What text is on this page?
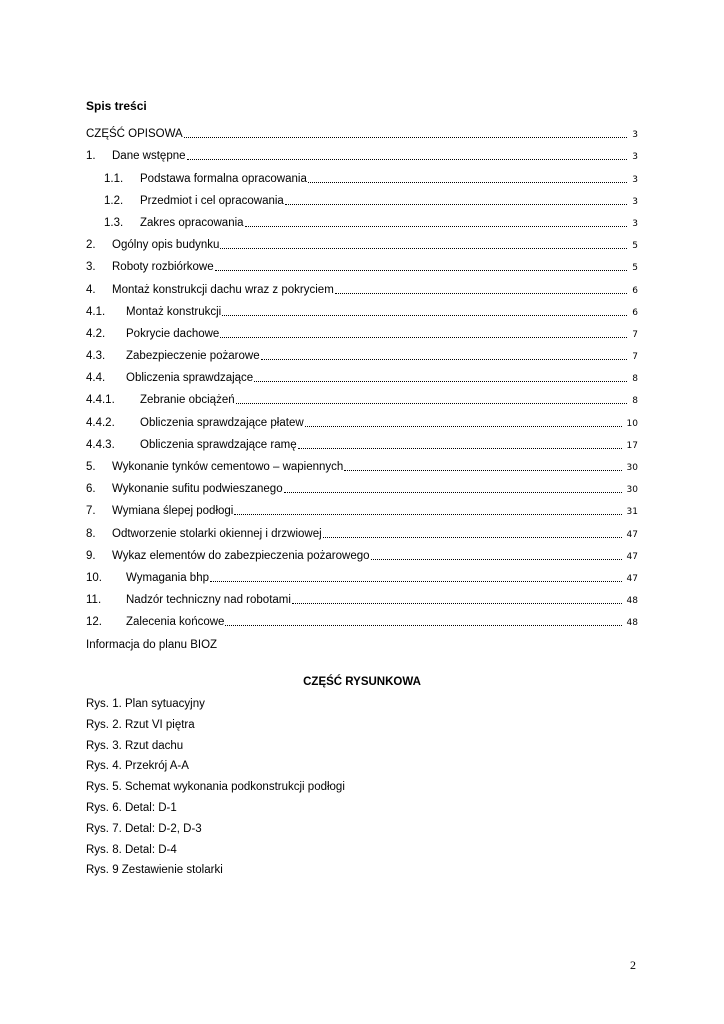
Spis treści
CZĘŚĆ OPISOWA	3
1.	Dane wstępne	3
1.1.	Podstawa formalna opracowania	3
1.2.	Przedmiot i cel opracowania	3
1.3.	Zakres opracowania	3
2.	Ogólny opis budynku	5
3.	Roboty rozbiórkowe	5
4.	Montaż konstrukcji dachu wraz z pokryciem	6
4.1.	Montaż konstrukcji	6
4.2.	Pokrycie dachowe	7
4.3.	Zabezpieczenie pożarowe	7
4.4.	Obliczenia sprawdzające	8
4.4.1.	Zebranie obciążeń	8
4.4.2.	Obliczenia sprawdzające płatew	10
4.4.3.	Obliczenia sprawdzające ramę	17
5.	Wykonanie tynków cementowo – wapiennych	30
6.	Wykonanie sufitu podwieszanego	30
7.	Wymiana ślepej podłogi	31
8.	Odtworzenie stolarki okiennej i drzwiowej	47
9.	Wykaz elementów do zabezpieczenia pożarowego	47
10.	Wymagania bhp	47
11.	Nadzór techniczny nad robotami	48
12.	Zalecenia końcowe	48
Informacja do planu BIOZ
CZĘŚĆ RYSUNKOWA
Rys. 1. Plan sytuacyjny
Rys. 2. Rzut VI piętra
Rys. 3. Rzut dachu
Rys. 4. Przekrój A-A
Rys. 5. Schemat wykonania podkonstrukcji podłogi
Rys. 6. Detal: D-1
Rys. 7. Detal: D-2, D-3
Rys. 8. Detal: D-4
Rys. 9 Zestawienie stolarki
2
